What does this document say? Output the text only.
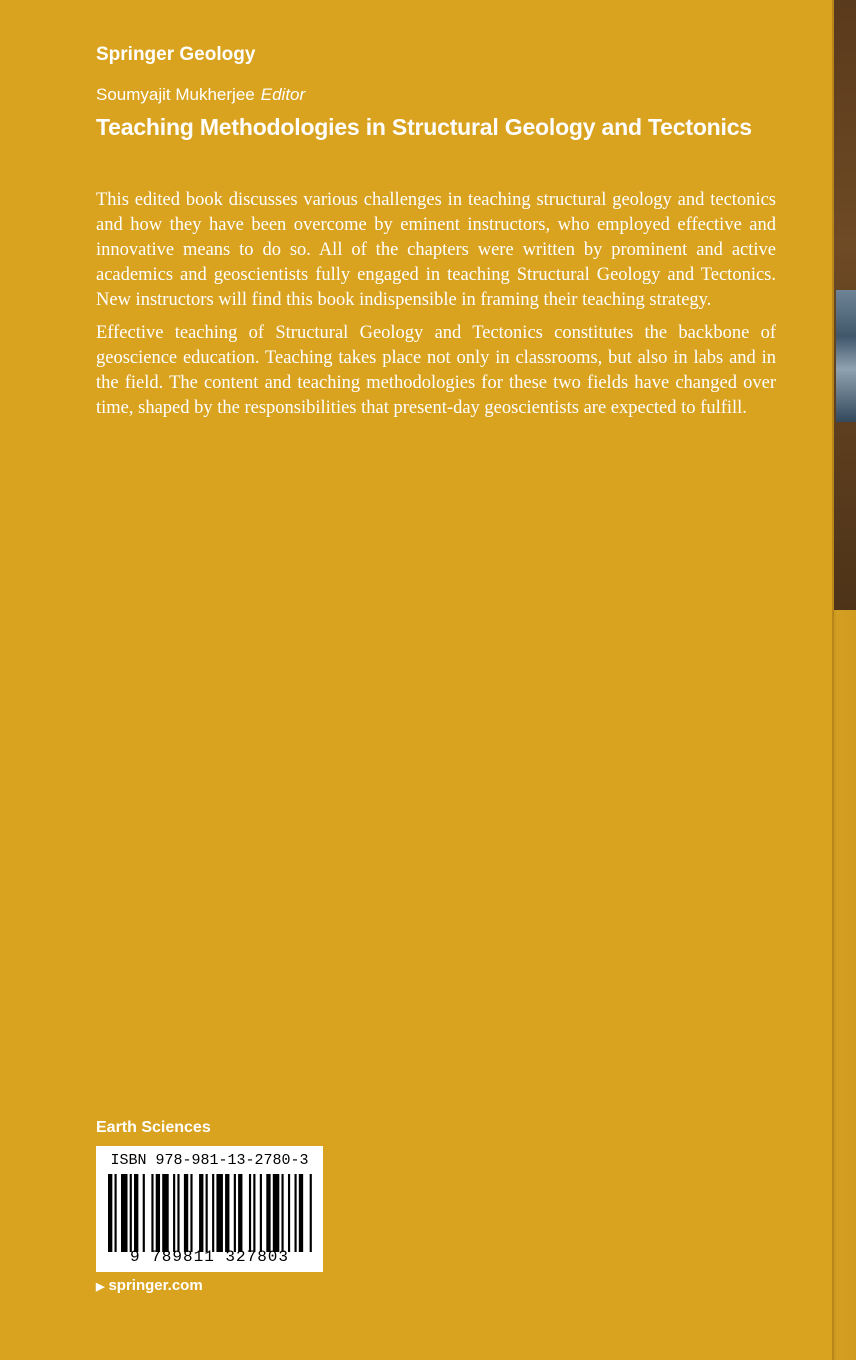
Springer Geology
Soumyajit Mukherjee Editor
Teaching Methodologies in Structural Geology and Tectonics

This edited book discusses various challenges in teaching structural geology and tectonics and how they have been overcome by eminent instructors, who employed effective and innovative means to do so. All of the chapters were written by prominent and active academics and geoscientists fully engaged in teaching Structural Geology and Tectonics. New instructors will find this book indispensible in framing their teaching strategy.

Effective teaching of Structural Geology and Tectonics constitutes the backbone of geoscience education. Teaching takes place not only in classrooms, but also in labs and in the field. The content and teaching methodologies for these two fields have changed over time, shaped by the responsibilities that present-day geoscientists are expected to fulfill.

Earth Sciences
ISBN 978-981-13-2780-3
9 789811 327803
▶ springer.com
